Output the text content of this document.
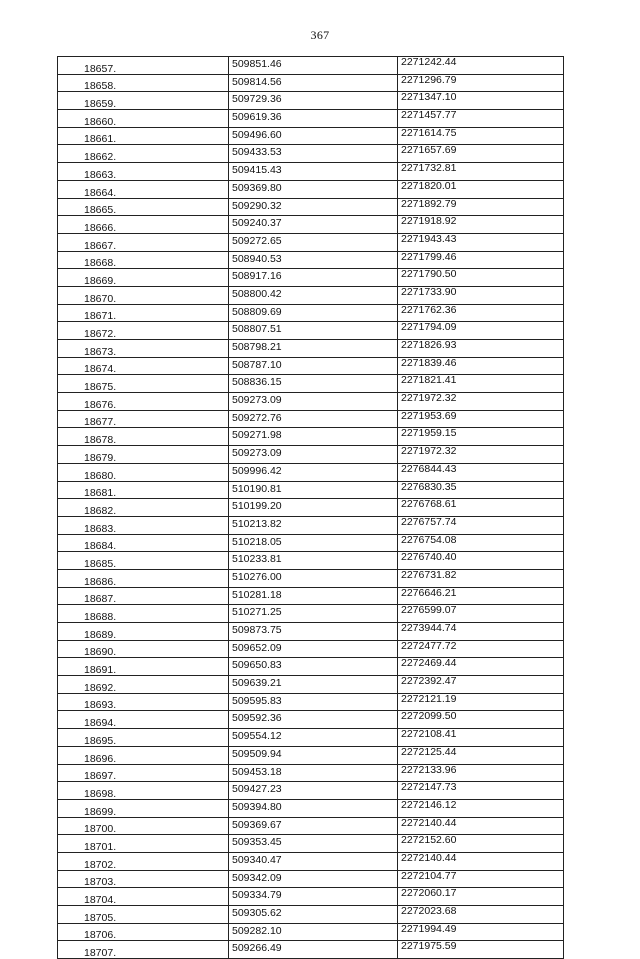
367
18657.	509851.46	2271242.44
18658.	509814.56	2271296.79
18659.	509729.36	2271347.10
18660.	509619.36	2271457.77
18661.	509496.60	2271614.75
18662.	509433.53	2271657.69
18663.	509415.43	2271732.81
18664.	509369.80	2271820.01
18665.	509290.32	2271892.79
18666.	509240.37	2271918.92
18667.	509272.65	2271943.43
18668.	508940.53	2271799.46
18669.	508917.16	2271790.50
18670.	508800.42	2271733.90
18671.	508809.69	2271762.36
18672.	508807.51	2271794.09
18673.	508798.21	2271826.93
18674.	508787.10	2271839.46
18675.	508836.15	2271821.41
18676.	509273.09	2271972.32
18677.	509272.76	2271953.69
18678.	509271.98	2271959.15
18679.	509273.09	2271972.32
18680.	509996.42	2276844.43
18681.	510190.81	2276830.35
18682.	510199.20	2276768.61
18683.	510213.82	2276757.74
18684.	510218.05	2276754.08
18685.	510233.81	2276740.40
18686.	510276.00	2276731.82
18687.	510281.18	2276646.21
18688.	510271.25	2276599.07
18689.	509873.75	2273944.74
18690.	509652.09	2272477.72
18691.	509650.83	2272469.44
18692.	509639.21	2272392.47
18693.	509595.83	2272121.19
18694.	509592.36	2272099.50
18695.	509554.12	2272108.41
18696.	509509.94	2272125.44
18697.	509453.18	2272133.96
18698.	509427.23	2272147.73
18699.	509394.80	2272146.12
18700.	509369.67	2272140.44
18701.	509353.45	2272152.60
18702.	509340.47	2272140.44
18703.	509342.09	2272104.77
18704.	509334.79	2272060.17
18705.	509305.62	2272023.68
18706.	509282.10	2271994.49
18707.	509266.49	2271975.59
